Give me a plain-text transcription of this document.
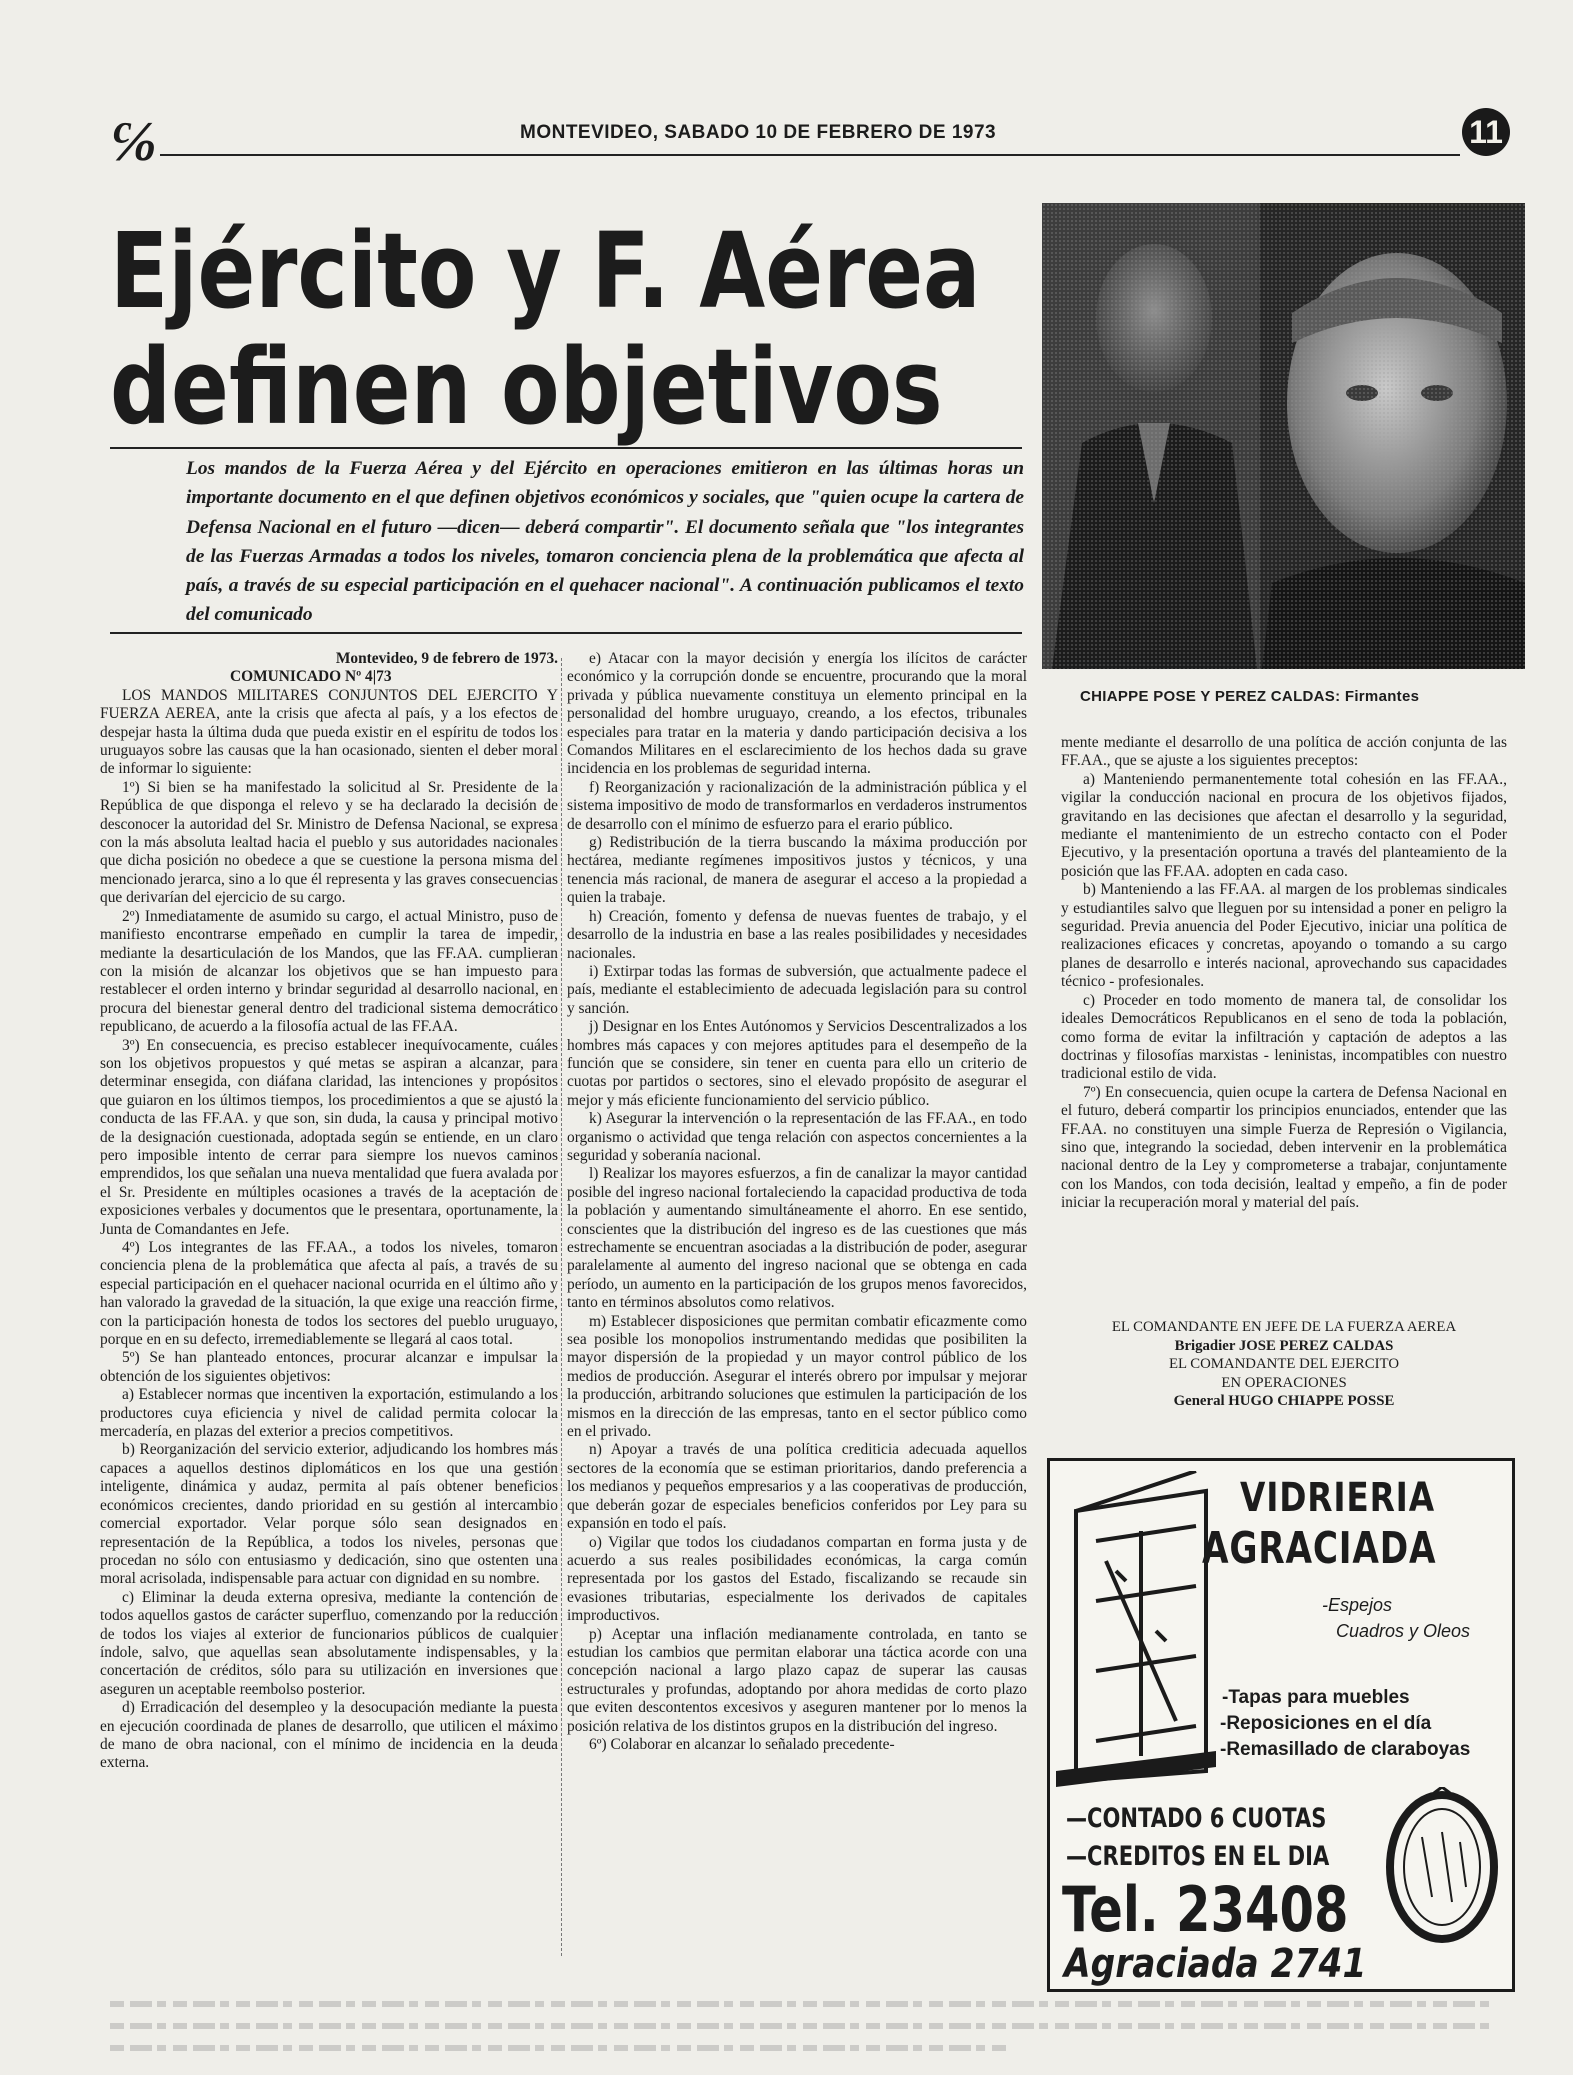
℅	MONTEVIDEO, SABADO 10 DE FEBRERO DE 1973	11
Ejército y F. Aérea
definen objetivos
Los mandos de la Fuerza Aérea y del Ejército en operaciones emitieron en las últimas horas un importante documento en el que definen objetivos económicos y sociales, que "quien ocupe la cartera de Defensa Nacional en el futuro —dicen— deberá compartir". El documento señala que "los integrantes de las Fuerzas Armadas a todos los niveles, tomaron conciencia plena de la problemática que afecta al país, a través de su especial participación en el quehacer nacional". A continuación publicamos el texto del comunicado
CHIAPPE POSE Y PEREZ CALDAS: Firmantes

Montevideo, 9 de febrero de 1973.

COMUNICADO Nº 4|73

LOS MANDOS MILITARES CONJUNTOS DEL EJERCITO Y FUERZA AEREA, ante la crisis que afecta al país, y a los efectos de despejar hasta la última duda que pueda existir en el espíritu de todos los uruguayos sobre las causas que la han ocasionado, sienten el deber moral de informar lo siguiente:

1º) Si bien se ha manifestado la solicitud al Sr. Presidente de la República de que disponga el relevo y se ha declarado la decisión de desconocer la autoridad del Sr. Ministro de Defensa Nacional, se expresa con la más absoluta lealtad hacia el pueblo y sus autoridades nacionales que dicha posición no obedece a que se cuestione la persona misma del mencionado jerarca, sino a lo que él representa y las graves consecuencias que derivarían del ejercicio de su cargo.

2º) Inmediatamente de asumido su cargo, el actual Ministro, puso de manifiesto encontrarse empeñado en cumplir la tarea de impedir, mediante la desarticulación de los Mandos, que las FF.AA. cumplieran con la misión de alcanzar los objetivos que se han impuesto para restablecer el orden interno y brindar seguridad al desarrollo nacional, en procura del bienestar general dentro del tradicional sistema democrático republicano, de acuerdo a la filosofía actual de las FF.AA.

3º) En consecuencia, es preciso establecer inequívocamente, cuáles son los objetivos propuestos y qué metas se aspiran a alcanzar, para determinar ensegida, con diáfana claridad, las intenciones y propósitos que guiaron en los últimos tiempos, los procedimientos a que se ajustó la conducta de las FF.AA. y que son, sin duda, la causa y principal motivo de la designación cuestionada, adoptada según se entiende, en un claro pero imposible intento de cerrar para siempre los nuevos caminos emprendidos, los que señalan una nueva mentalidad que fuera avalada por el Sr. Presidente en múltiples ocasiones a través de la aceptación de exposiciones verbales y documentos que le presentara, oportunamente, la Junta de Comandantes en Jefe.

4º) Los integrantes de las FF.AA., a todos los niveles, tomaron conciencia plena de la problemática que afecta al país, a través de su especial participación en el quehacer nacional ocurrida en el último año y han valorado la gravedad de la situación, la que exige una reacción firme, con la participación honesta de todos los sectores del pueblo uruguayo, porque en en su defecto, irremediablemente se llegará al caos total.

5º) Se han planteado entonces, procurar alcanzar e impulsar la obtención de los siguientes objetivos:

a) Establecer normas que incentiven la exportación, estimulando a los productores cuya eficiencia y nivel de calidad permita colocar la mercadería, en plazas del exterior a precios competitivos.

b) Reorganización del servicio exterior, adjudicando los hombres más capaces a aquellos destinos diplomáticos en los que una gestión inteligente, dinámica y audaz, permita al país obtener beneficios económicos crecientes, dando prioridad en su gestión al intercambio comercial exportador. Velar porque sólo sean designados en representación de la República, a todos los niveles, personas que procedan no sólo con entusiasmo y dedicación, sino que ostenten una moral acrisolada, indispensable para actuar con dignidad en su nombre.

c) Eliminar la deuda externa opresiva, mediante la contención de todos aquellos gastos de carácter superfluo, comenzando por la reducción de todos los viajes al exterior de funcionarios públicos de cualquier índole, salvo, que aquellas sean absolutamente indispensables, y la concertación de créditos, sólo para su utilización en inversiones que aseguren un aceptable reembolso posterior.

d) Erradicación del desempleo y la desocupación mediante la puesta en ejecución coordinada de planes de desarrollo, que utilicen el máximo de mano de obra nacional, con el mínimo de incidencia en la deuda externa.

e) Atacar con la mayor decisión y energía los ilícitos de carácter económico y la corrupción donde se encuentre, procurando que la moral privada y pública nuevamente constituya un elemento principal en la personalidad del hombre uruguayo, creando, a los efectos, tribunales especiales para tratar en la materia y dando participación decisiva a los Comandos Militares en el esclarecimiento de los hechos dada su grave incidencia en los problemas de seguridad interna.

f) Reorganización y racionalización de la administración pública y el sistema impositivo de modo de transformarlos en verdaderos instrumentos de desarrollo con el mínimo de esfuerzo para el erario público.

g) Redistribución de la tierra buscando la máxima producción por hectárea, mediante regímenes impositivos justos y técnicos, y una tenencia más racional, de manera de asegurar el acceso a la propiedad a quien la trabaje.

h) Creación, fomento y defensa de nuevas fuentes de trabajo, y el desarrollo de la industria en base a las reales posibilidades y necesidades nacionales.

i) Extirpar todas las formas de subversión, que actualmente padece el país, mediante el establecimiento de adecuada legislación para su control y sanción.

j) Designar en los Entes Autónomos y Servicios Descentralizados a los hombres más capaces y con mejores aptitudes para el desempeño de la función que se considere, sin tener en cuenta para ello un criterio de cuotas por partidos o sectores, sino el elevado propósito de asegurar el mejor y más eficiente funcionamiento del servicio público.

k) Asegurar la intervención o la representación de las FF.AA., en todo organismo o actividad que tenga relación con aspectos concernientes a la seguridad y soberanía nacional.

l) Realizar los mayores esfuerzos, a fin de canalizar la mayor cantidad posible del ingreso nacional fortaleciendo la capacidad productiva de toda la población y aumentando simultáneamente el ahorro. En ese sentido, conscientes que la distribución del ingreso es de las cuestiones que más estrechamente se encuentran asociadas a la distribución de poder, asegurar paralelamente al aumento del ingreso nacional que se obtenga en cada período, un aumento en la participación de los grupos menos favorecidos, tanto en términos absolutos como relativos.

m) Establecer disposiciones que permitan combatir eficazmente como sea posible los monopolios instrumentando medidas que posibiliten la mayor dispersión de la propiedad y un mayor control público de los medios de producción. Asegurar el interés obrero por impulsar y mejorar la producción, arbitrando soluciones que estimulen la participación de los mismos en la dirección de las empresas, tanto en el sector público como en el privado.

n) Apoyar a través de una política crediticia adecuada aquellos sectores de la economía que se estiman prioritarios, dando preferencia a los medianos y pequeños empresarios y a las cooperativas de producción, que deberán gozar de especiales beneficios conferidos por Ley para su expansión en todo el país.

o) Vigilar que todos los ciudadanos compartan en forma justa y de acuerdo a sus reales posibilidades económicas, la carga común representada por los gastos del Estado, fiscalizando se recaude sin evasiones tributarias, especialmente los derivados de capitales improductivos.

p) Aceptar una inflación medianamente controlada, en tanto se estudian los cambios que permitan elaborar una táctica acorde con una concepción nacional a largo plazo capaz de superar las causas estructurales y profundas, adoptando por ahora medidas de corto plazo que eviten descontentos excesivos y aseguren mantener por lo menos la posición relativa de los distintos grupos en la distribución del ingreso.

6º) Colaborar en alcanzar lo señalado precedente-

mente mediante el desarrollo de una política de acción conjunta de las FF.AA., que se ajuste a los siguientes preceptos:

a) Manteniendo permanentemente total cohesión en las FF.AA., vigilar la conducción nacional en procura de los objetivos fijados, gravitando en las decisiones que afectan el desarrollo y la seguridad, mediante el mantenimiento de un estrecho contacto con el Poder Ejecutivo, y la presentación oportuna a través del planteamiento de la posición que las FF.AA. adopten en cada caso.

b) Manteniendo a las FF.AA. al margen de los problemas sindicales y estudiantiles salvo que lleguen por su intensidad a poner en peligro la seguridad. Previa anuencia del Poder Ejecutivo, iniciar una política de realizaciones eficaces y concretas, apoyando o tomando a su cargo planes de desarrollo e interés nacional, aprovechando sus capacidades técnico - profesionales.

c) Proceder en todo momento de manera tal, de consolidar los ideales Democráticos Republicanos en el seno de toda la población, como forma de evitar la infiltración y captación de adeptos a las doctrinas y filosofías marxistas - leninistas, incompatibles con nuestro tradicional estilo de vida.

7º) En consecuencia, quien ocupe la cartera de Defensa Nacional en el futuro, deberá compartir los principios enunciados, entender que las FF.AA. no constituyen una simple Fuerza de Represión o Vigilancia, sino que, integrando la sociedad, deben intervenir en la problemática nacional dentro de la Ley y comprometerse a trabajar, conjuntamente con los Mandos, con toda decisión, lealtad y empeño, a fin de poder iniciar la recuperación moral y material del país.

EL COMANDANTE EN JEFE DE LA FUERZA AEREA
Brigadier JOSE PEREZ CALDAS
EL COMANDANTE DEL EJERCITO
EN OPERACIONES
General HUGO CHIAPPE POSSE
VIDRIERIA
AGRACIADA
-Espejos
Cuadros y Oleos
-Tapas para muebles
-Reposiciones en el día
-Remasillado de claraboyas
—CONTADO 6 CUOTAS
—CREDITOS EN EL DIA
Tel. 23408
Agraciada 2741
